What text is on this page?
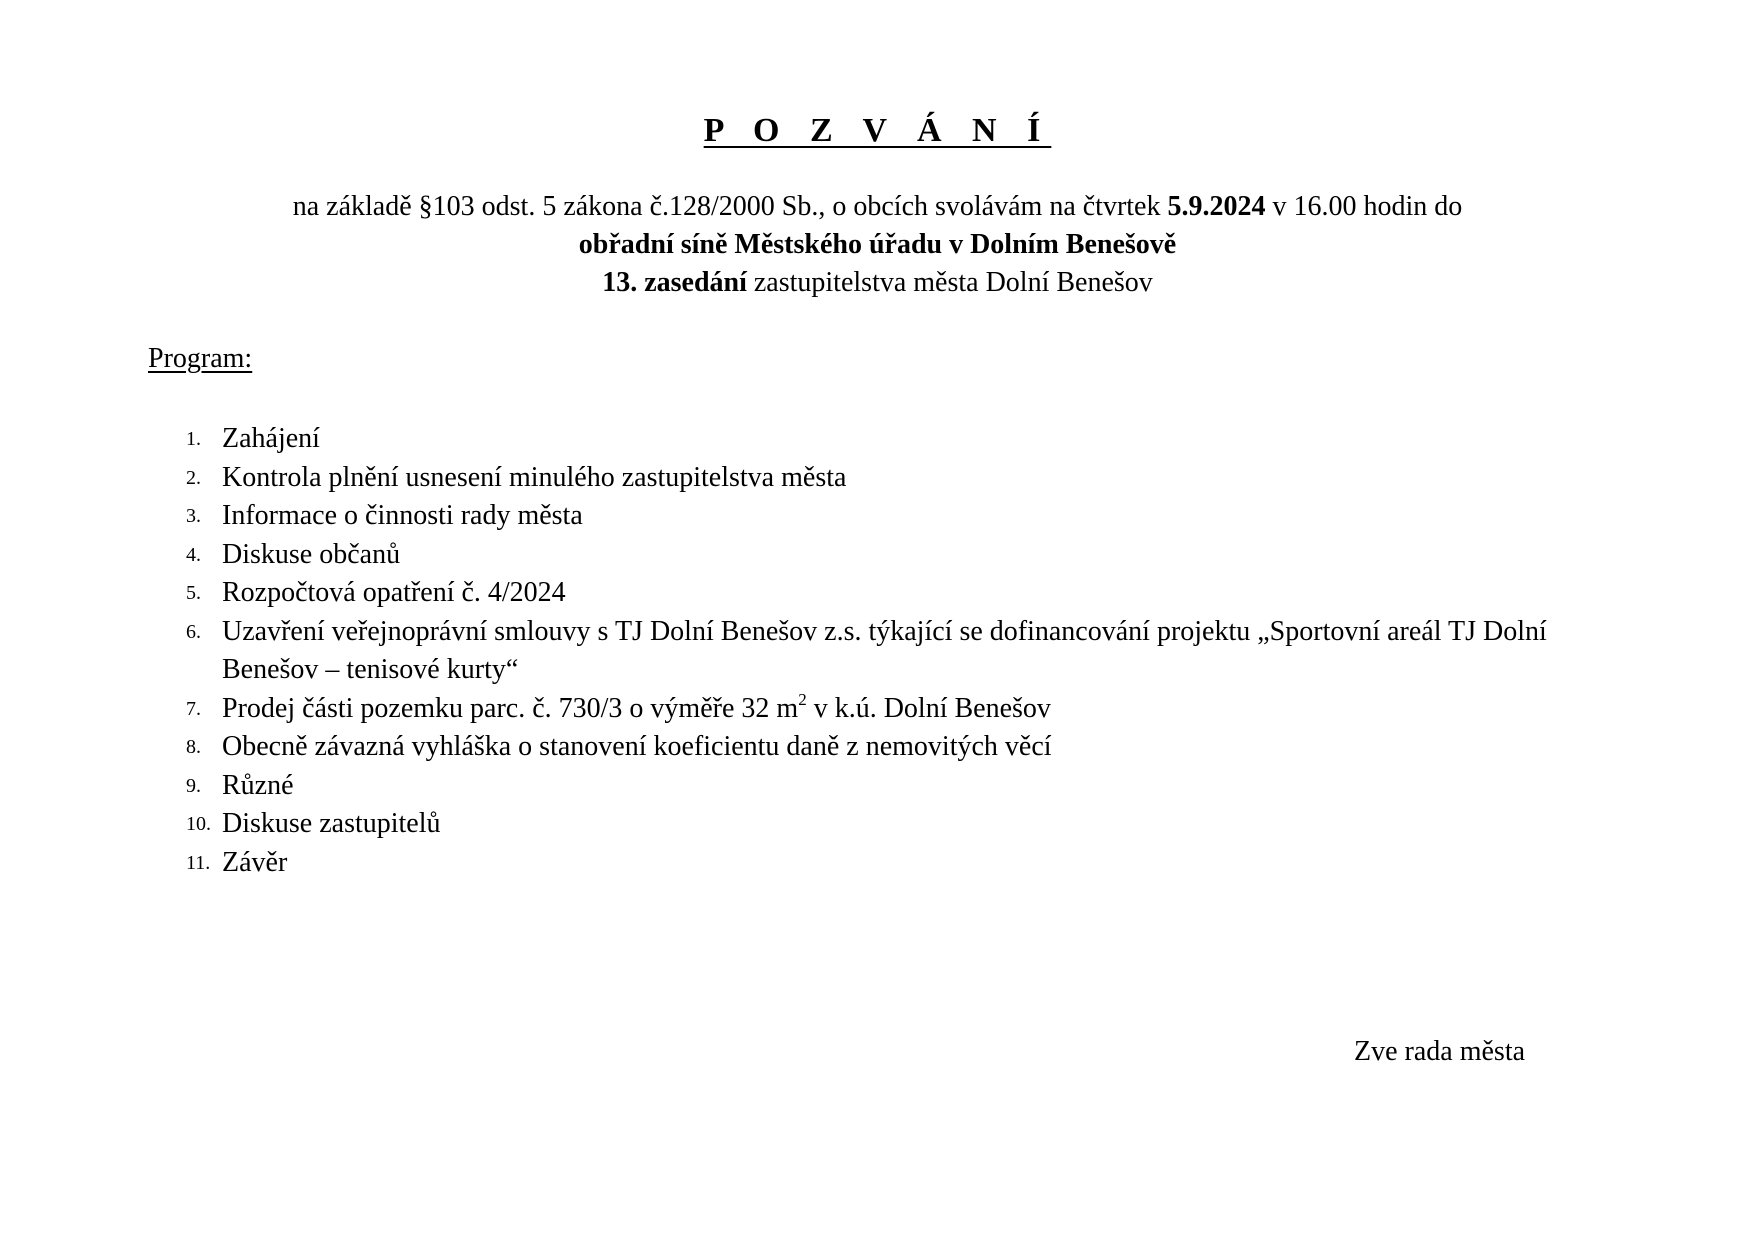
P O Z V Á N Í
na základě §103 odst. 5 zákona č.128/2000 Sb., o obcích svolávám na čtvrtek 5.9.2024 v 16.00 hodin do
obřadní síně Městského úřadu v Dolním Benešově
13. zasedání zastupitelstva města Dolní Benešov
Program:
1. Zahájení
2. Kontrola plnění usnesení minulého zastupitelstva města
3. Informace o činnosti rady města
4. Diskuse občanů
5. Rozpočtová opatření č. 4/2024
6. Uzavření veřejnoprávní smlouvy s TJ Dolní Benešov z.s. týkající se dofinancování projektu „Sportovní areál TJ Dolní Benešov – tenisové kurty“
7. Prodej části pozemku parc. č. 730/3 o výměře 32 $m^2$ v k.ú. Dolní Benešov
8. Obecně závazná vyhláška o stanovení koeficientu daně z nemovitých věcí
9. Různé
10. Diskuse zastupitelů
11. Závěr
Zve rada města
